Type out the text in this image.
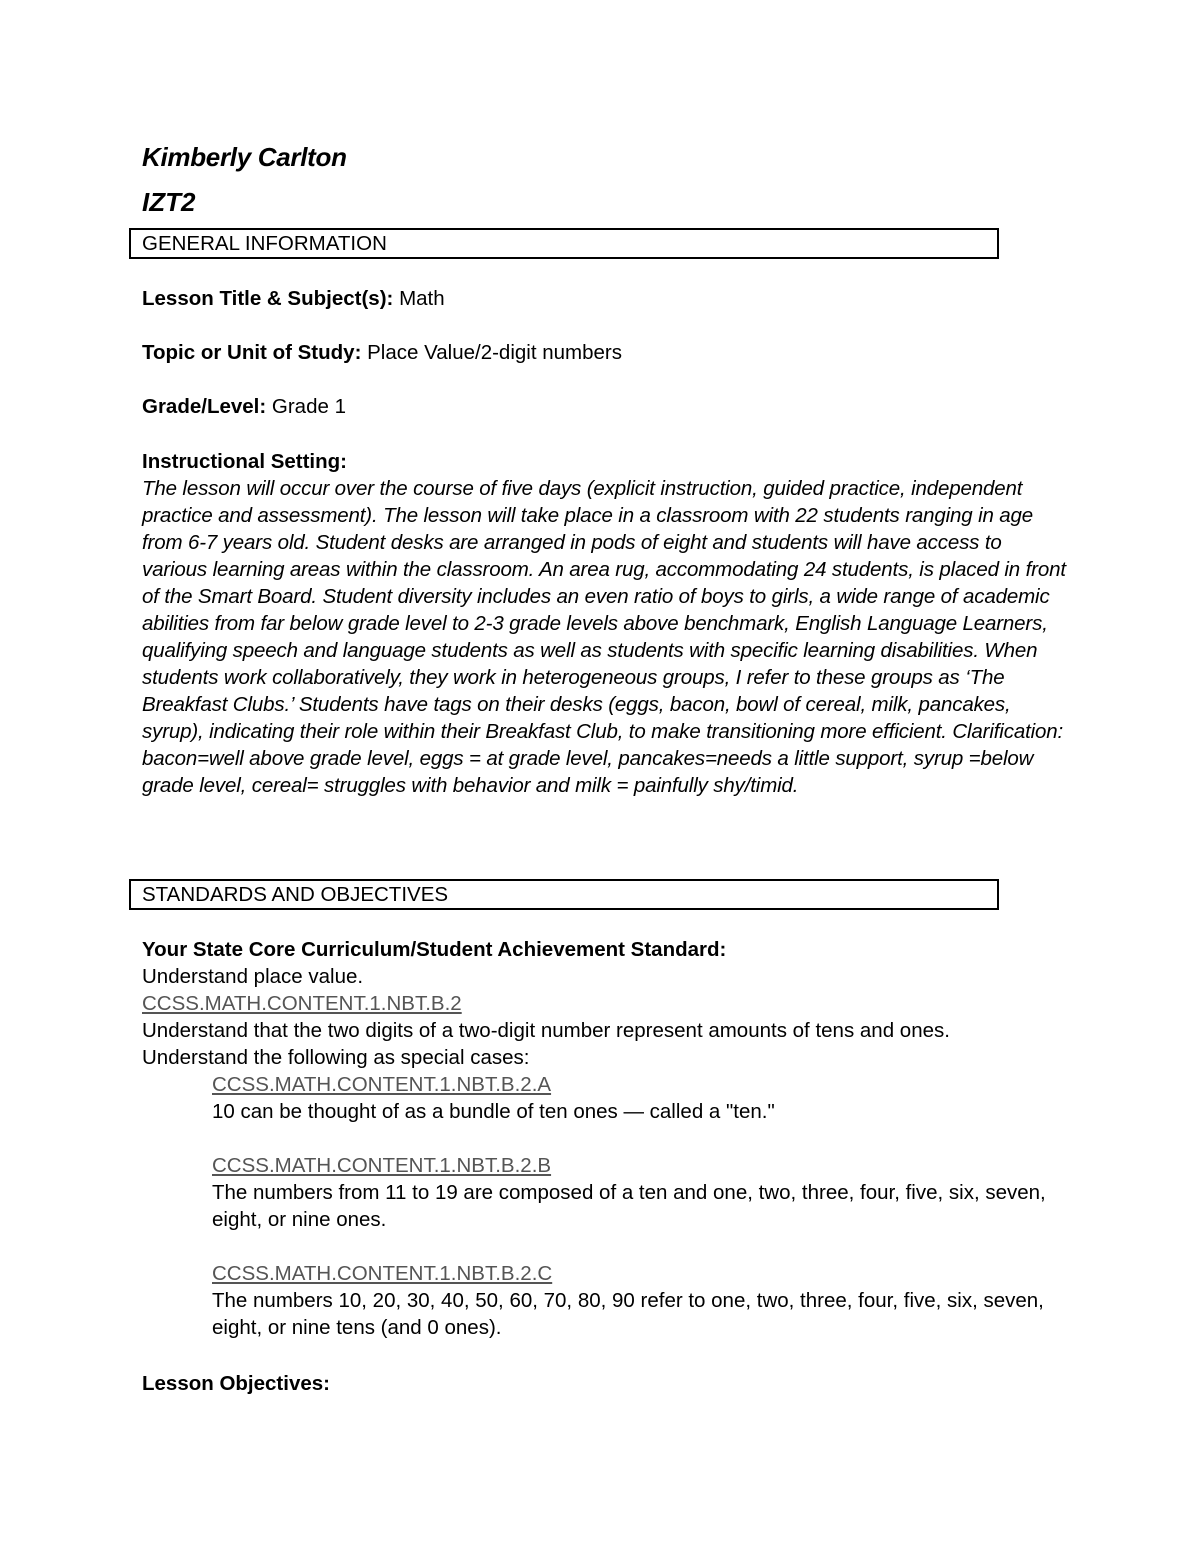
Kimberly Carlton
IZT2
GENERAL INFORMATION
Lesson Title & Subject(s): Math
Topic or Unit of Study: Place Value/2-digit numbers
Grade/Level: Grade 1
Instructional Setting:
The lesson will occur over the course of five days (explicit instruction, guided practice, independent practice and assessment). The lesson will take place in a classroom with 22 students ranging in age from 6-7 years old. Student desks are arranged in pods of eight and students will have access to various learning areas within the classroom. An area rug, accommodating 24 students, is placed in front of the Smart Board. Student diversity includes an even ratio of boys to girls, a wide range of academic abilities from far below grade level to 2-3 grade levels above benchmark, English Language Learners, qualifying speech and language students as well as students with specific learning disabilities. When students work collaboratively, they work in heterogeneous groups, I refer to these groups as ‘The Breakfast Clubs.’ Students have tags on their desks (eggs, bacon, bowl of cereal, milk, pancakes, syrup), indicating their role within their Breakfast Club, to make transitioning more efficient. Clarification: bacon=well above grade level, eggs = at grade level, pancakes=needs a little support, syrup =below grade level, cereal= struggles with behavior and milk = painfully shy/timid.
STANDARDS AND OBJECTIVES
Your State Core Curriculum/Student Achievement Standard:
Understand place value.
CCSS.MATH.CONTENT.1.NBT.B.2
Understand that the two digits of a two-digit number represent amounts of tens and ones. Understand the following as special cases:
CCSS.MATH.CONTENT.1.NBT.B.2.A
10 can be thought of as a bundle of ten ones — called a "ten."
CCSS.MATH.CONTENT.1.NBT.B.2.B
The numbers from 11 to 19 are composed of a ten and one, two, three, four, five, six, seven, eight, or nine ones.
CCSS.MATH.CONTENT.1.NBT.B.2.C
The numbers 10, 20, 30, 40, 50, 60, 70, 80, 90 refer to one, two, three, four, five, six, seven, eight, or nine tens (and 0 ones).
Lesson Objectives:
